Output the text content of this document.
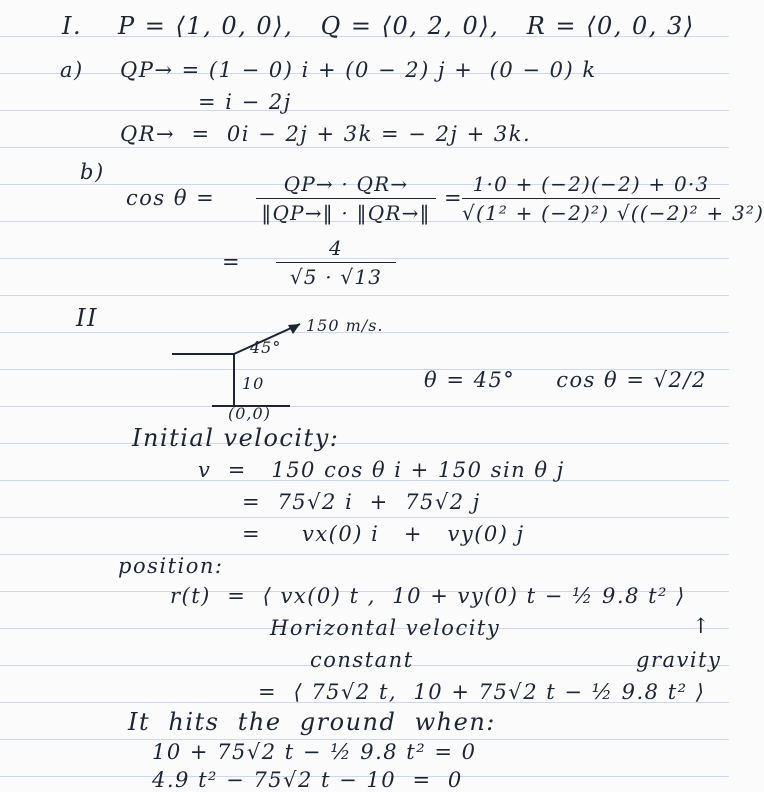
I. P = ⟨1, 0, 0⟩,   Q = ⟨0, 2, 0⟩,   R = ⟨0, 0, 3⟩
a) QP→ = (1 − 0) i + (0 − 2) j +  (0 − 0) k
= i − 2j
QR→  =  0i − 2j + 3k = − 2j + 3k.
b)
cos θ =
QP→ · QR→
‖QP→‖ · ‖QR→‖
=
1·0 + (−2)(−2) + 0·3
√(1² + (−2)²) √((−2)² + 3²)
=
4
√5 · √13
II	150 m/s.
45°
10
(0,0)
θ = 45°     cos θ = √2/2
Initial velocity:
v  =   150 cos θ i + 150 sin θ j
=  75√2 i  +  75√2 j
=     vx(0) i   +   vy(0) j
position:
r(t)  =  ⟨ vx(0) t ,  10 + vy(0) t − ½ 9.8 t² ⟩
Horizontal velocity	↑
constant	gravity
=  ⟨ 75√2 t,  10 + 75√2 t − ½ 9.8 t² ⟩
It  hits  the  ground  when:
10 + 75√2 t − ½ 9.8 t² = 0
4.9 t² − 75√2 t − 10  =  0
